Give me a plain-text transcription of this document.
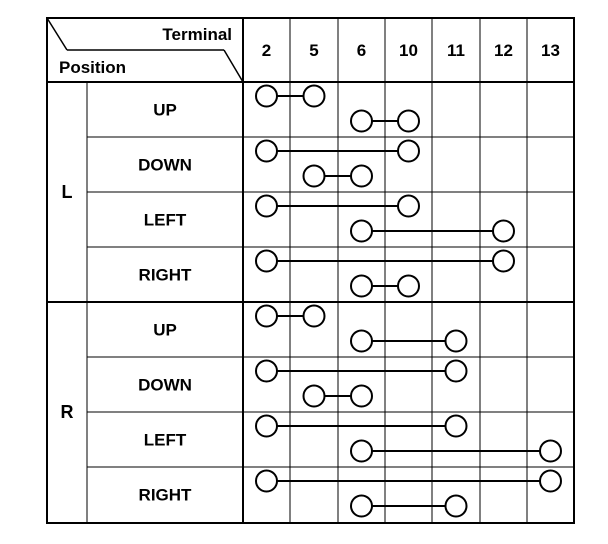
Terminal
Position
2 5 6 10 11 12 13
L
UP
DOWN
LEFT
RIGHT
R
UP
DOWN
LEFT
RIGHT
